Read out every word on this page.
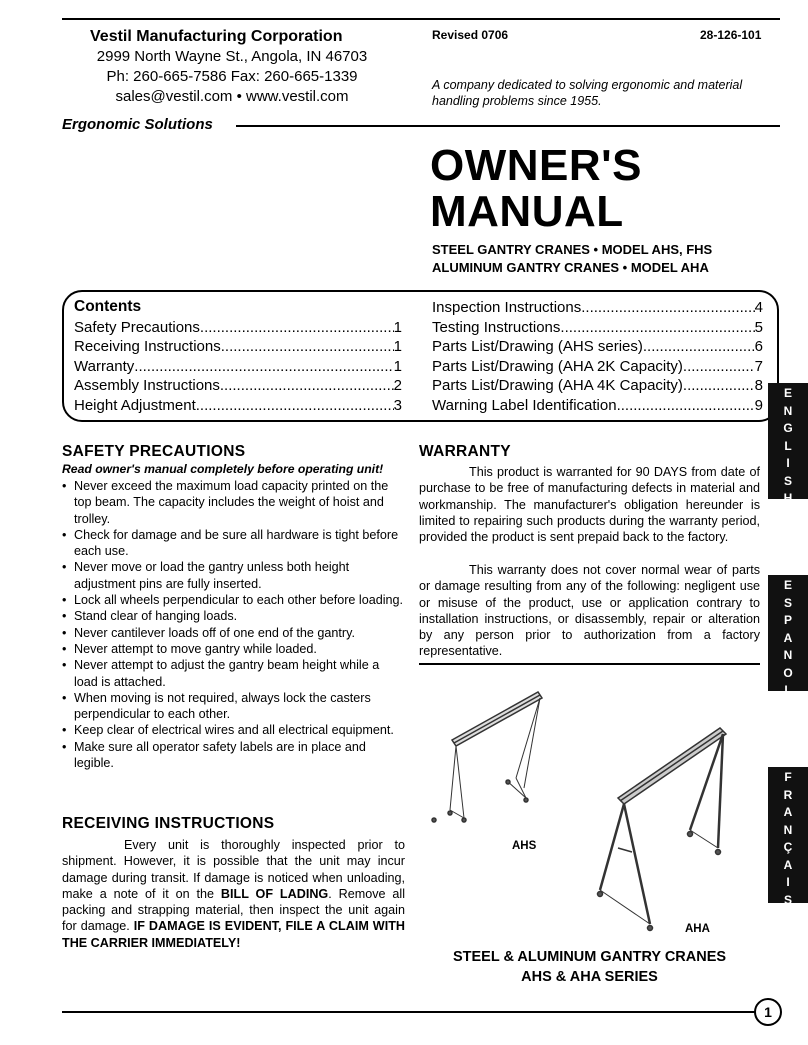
Vestil Manufacturing Corporation
2999 North Wayne St., Angola, IN 46703
Ph: 260-665-7586 Fax: 260-665-1339
sales@vestil.com • www.vestil.com
Revised 0706	28-126-101
A company dedicated to solving ergonomic and material handling problems since 1955.
Ergonomic Solutions
OWNER'S
MANUAL
STEEL GANTRY CRANES • MODEL AHS, FHS
ALUMINUM GANTRY CRANES • MODEL AHA
Contents
Safety Precautions .....	1
Receiving Instructions .....	1
Warranty .....	1
Assembly Instructions .....	2
Height Adjustment .....	3
Inspection Instructions .....	4
Testing Instructions .....	5
Parts List/Drawing (AHS series) .....	6
Parts List/Drawing (AHA 2K Capacity) .....	7
Parts List/Drawing (AHA 4K Capacity) .....	8
Warning Label Identification .....	9
E
N
G
L
I
S
H
E
S
P
A
N
O
L
F
R
A
N
Ç
A
I
S
SAFETY PRECAUTIONS
Read owner's manual completely before operating unit!
• Never exceed the maximum load capacity printed on the top beam. The capacity includes the weight of hoist and trolley.
• Check for damage and be sure all hardware is tight before each use.
• Never move or load the gantry unless both height adjustment pins are fully inserted.
• Lock all wheels perpendicular to each other before loading.
• Stand clear of hanging loads.
• Never cantilever loads off of one end of the gantry.
• Never attempt to move gantry while loaded.
• Never attempt to adjust the gantry beam height while a load is attached.
• When moving is not required, always lock the casters perpendicular to each other.
• Keep clear of electrical wires and all electrical equipment.
• Make sure all operator safety labels are in place and legible.
RECEIVING INSTRUCTIONS

Every unit is thoroughly inspected prior to shipment. However, it is possible that the unit may incur damage during transit. If damage is noticed when unloading, make a note of it on the BILL OF LADING. Remove all packing and strapping material, then inspect the unit again for damage. IF DAMAGE IS EVIDENT, FILE A CLAIM WITH THE CARRIER IMMEDIATELY!

WARRANTY

This product is warranted for 90 DAYS from date of purchase to be free of manufacturing defects in material and workmanship. The manufacturer's obligation hereunder is limited to repairing such products during the warranty period, provided the product is sent prepaid back to the factory.

This warranty does not cover normal wear of parts or damage resulting from any of the following: negligent use or misuse of the product, use or application contrary to installation instructions, or disassembly, repair or alteration by any person prior to authorization from a factory representative.

AHS
AHA
STEEL & ALUMINUM GANTRY CRANES
AHS & AHA SERIES
1
